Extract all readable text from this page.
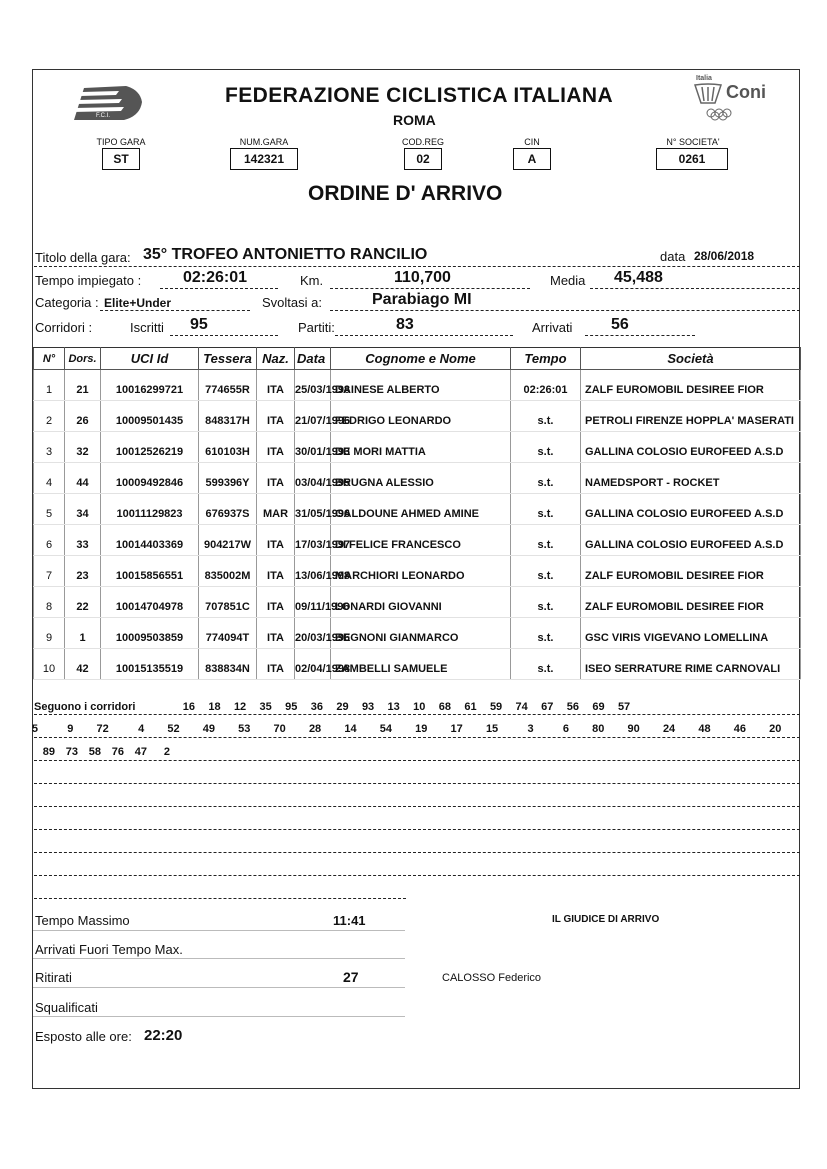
F.C.I.
FEDERAZIONE CICLISTICA ITALIANA
ROMA
Italia
Coni
TIPO GARA
ST
NUM.GARA
142321
COD.REG
02
CIN
A
N° SOCIETA'
0261
ORDINE D' ARRIVO
Titolo della gara: 35° TROFEO ANTONIETTO RANCILIO	data 28/06/2018
Tempo impiegato :	02:26:01	Km.	110,700	Media 45,488
Categoria : Elite+Under	Svoltasi a:	Parabiago MI
Corridori :	Iscritti 95	Partiti:	83	Arrivati 56
N°	Dors.	UCI Id	Tessera	Naz.	Data	Cognome e Nome	Tempo	Società
1	21	10016299721	774655R	ITA	25/03/1998	DAINESE ALBERTO	02:26:01	ZALF EUROMOBIL DESIREE FIOR
2	26	10009501435	848317H	ITA	21/07/1996	FEDRIGO LEONARDO	s.t.	PETROLI FIRENZE HOPPLA' MASERATI
3	32	10012526219	610103H	ITA	30/01/1993	DE MORI MATTIA	s.t.	GALLINA COLOSIO EUROFEED A.S.D
4	44	10009492846	599396Y	ITA	03/04/1995	BRUGNA ALESSIO	s.t.	NAMEDSPORT - ROCKET
5	34	10011129823	676937S	MAR	31/05/1996	GALDOUNE AHMED AMINE	s.t.	GALLINA COLOSIO EUROFEED A.S.D
6	33	10014403369	904217W	ITA	17/03/1997	DI FELICE FRANCESCO	s.t.	GALLINA COLOSIO EUROFEED A.S.D
7	23	10015856551	835002M	ITA	13/06/1998	MARCHIORI LEONARDO	s.t.	ZALF EUROMOBIL DESIREE FIOR
8	22	10014704978	707851C	ITA	09/11/1996	LONARDI GIOVANNI	s.t.	ZALF EUROMOBIL DESIREE FIOR
9	1	10009503859	774094T	ITA	20/03/1996	BEGNONI GIANMARCO	s.t.	GSC VIRIS VIGEVANO LOMELLINA
10	42	10015135519	838834N	ITA	02/04/1998	ZAMBELLI SAMUELE	s.t.	ISEO SERRATURE RIME CARNOVALI
Seguono i corridori	16	18	12	35	95	36	29	93	13	10	68	61	59	74	67	56	69	57
5	9	72	4	52	49	53	70	28	14	54	19	17	15	3	6	80	90	24	48	46	20
89 73 58 76 47	2
Tempo Massimo	11:41	IL GIUDICE DI ARRIVO
Arrivati Fuori Tempo Max.
Ritirati	27	CALOSSO Federico
Squalificati
Esposto alle ore: 22:20
